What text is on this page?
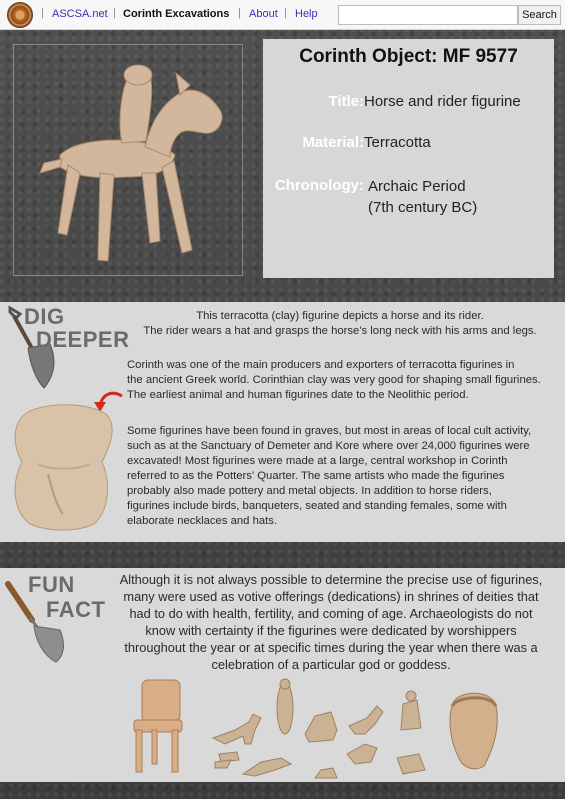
| ASCSA.net | Corinth Excavations | About | Help	Search
Corinth Object: MF 9577
Title: Horse and rider figurine
Material: Terracotta
Chronology: Archaic Period
(7th century BC)
DIG
DEEPER
This terracotta (clay) figurine depicts a horse and its rider.
The rider wears a hat and grasps the horse's long neck with his arms and legs.
Corinth was one of the main producers and exporters of terracotta figurines in
the ancient Greek world. Corinthian clay was very good for shaping small figurines.
The earliest animal and human figurines date to the Neolithic period.
Some figurines have been found in graves, but most in areas of local cult activity,
such as at the Sanctuary of Demeter and Kore where over 24,000 figurines were
excavated! Most figurines were made at a large, central workshop in Corinth
referred to as the Potters' Quarter. The same artists who made the figurines
probably also made pottery and metal objects. In addition to horse riders,
figurines include birds, banqueters, seated and standing females, some with
elaborate necklaces and hats.
FUN
FACT
Although it is not always possible to determine the precise use of figurines,
many were used as votive offerings (dedications) in shrines of deities that
had to do with health, fertility, and coming of age. Archaeologists do not
know with certainty if the figurines were dedicated by worshippers
throughout the year or at specific times during the year when there was a
celebration of a particular god or goddess.
